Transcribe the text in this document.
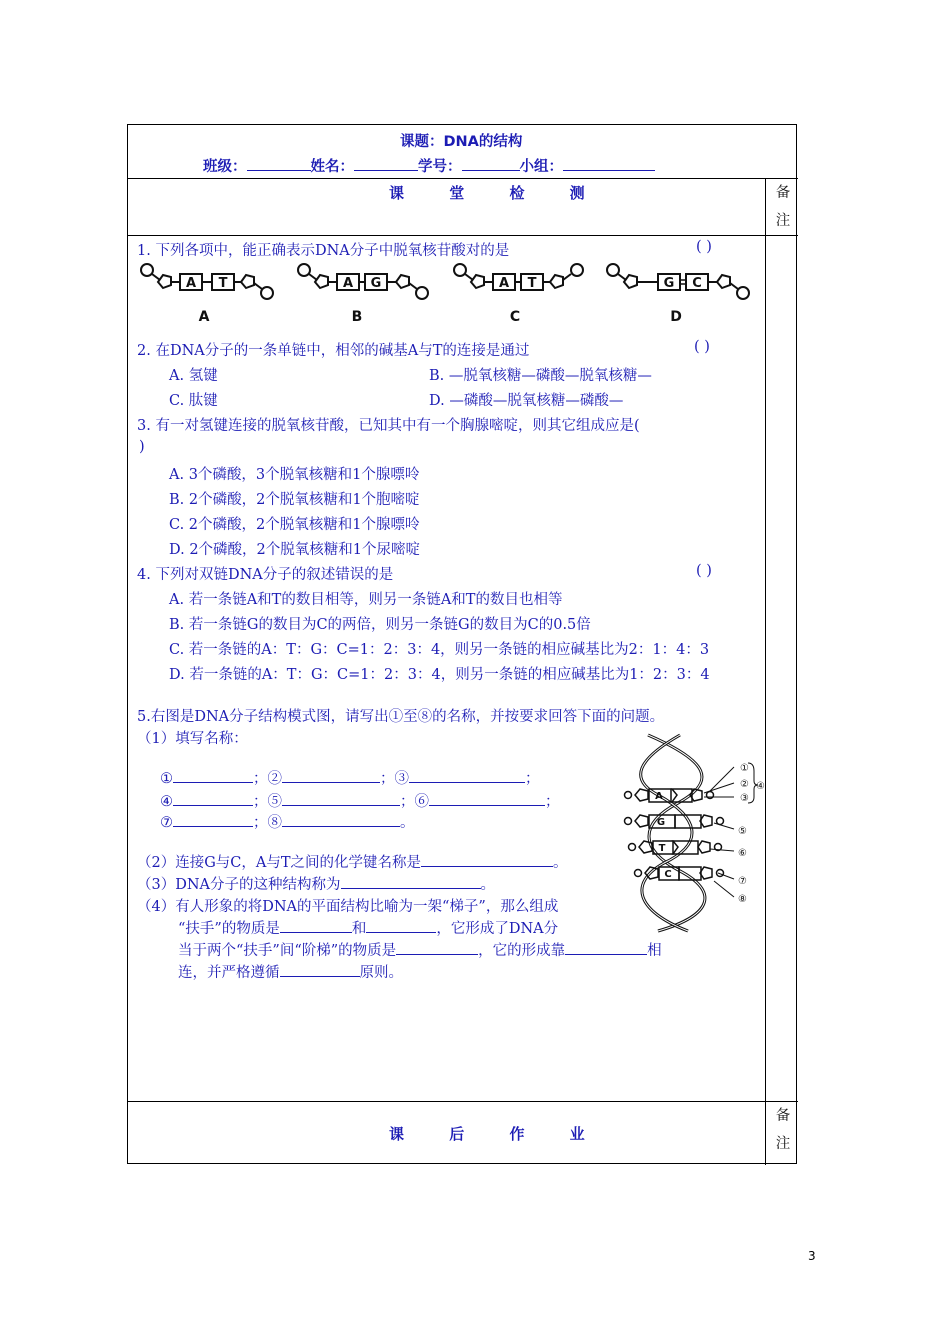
课题：DNA的结构
班级：	姓名：	学号：	小组：
课 堂 检 测	备
注
1. 下列各项中，能正确表示DNA分子中脱氧核苷酸对的是	( )
A T
A
A G
B
A T
C
G C
D
2. 在DNA分子的一条单链中，相邻的碱基A与T的连接是通过	( )
A. 氢键	B. —脱氧核糖—磷酸—脱氧核糖—
C. 肽键	D. —磷酸—脱氧核糖—磷酸—
3. 有一对氢键连接的脱氧核苷酸，已知其中有一个胸腺嘧啶，则其它组成应是(
)
A. 3个磷酸，3个脱氧核糖和1个腺嘌呤
B. 2个磷酸，2个脱氧核糖和1个胞嘧啶
C. 2个磷酸，2个脱氧核糖和1个腺嘌呤
D. 2个磷酸，2个脱氧核糖和1个尿嘧啶
4. 下列对双链DNA分子的叙述错误的是	( )
A. 若一条链A和T的数目相等，则另一条链A和T的数目也相等
B. 若一条链G的数目为C的两倍，则另一条链G的数目为C的0.5倍
C. 若一条链的A：T：G：C=1：2：3：4，则另一条链的相应碱基比为2：1：4：3
D. 若一条链的A：T：G：C=1：2：3：4，则另一条链的相应碱基比为1：2：3：4
5.右图是DNA分子结构模式图，请写出①至⑧的名称，并按要求回答下面的问题。
（1）填写名称：
①	；②	；③	；
④	；⑤	；⑥	；
⑦	；⑧	。
（2）连接G与C，A与T之间的化学键名称是	。
（3）DNA分子的这种结构称为	。
（4）有人形象的将DNA的平面结构比喻为一架“梯子”，那么组成
“扶手”的物质是	和	，它形成了DNA分
当于两个“扶手”间“阶梯”的物质是	，它的形成靠	相
连，并严格遵循	原则。
A
G
T
C
①
②
③
④
⑤
⑥
⑦
⑧
课 后 作 业
备
注
3
